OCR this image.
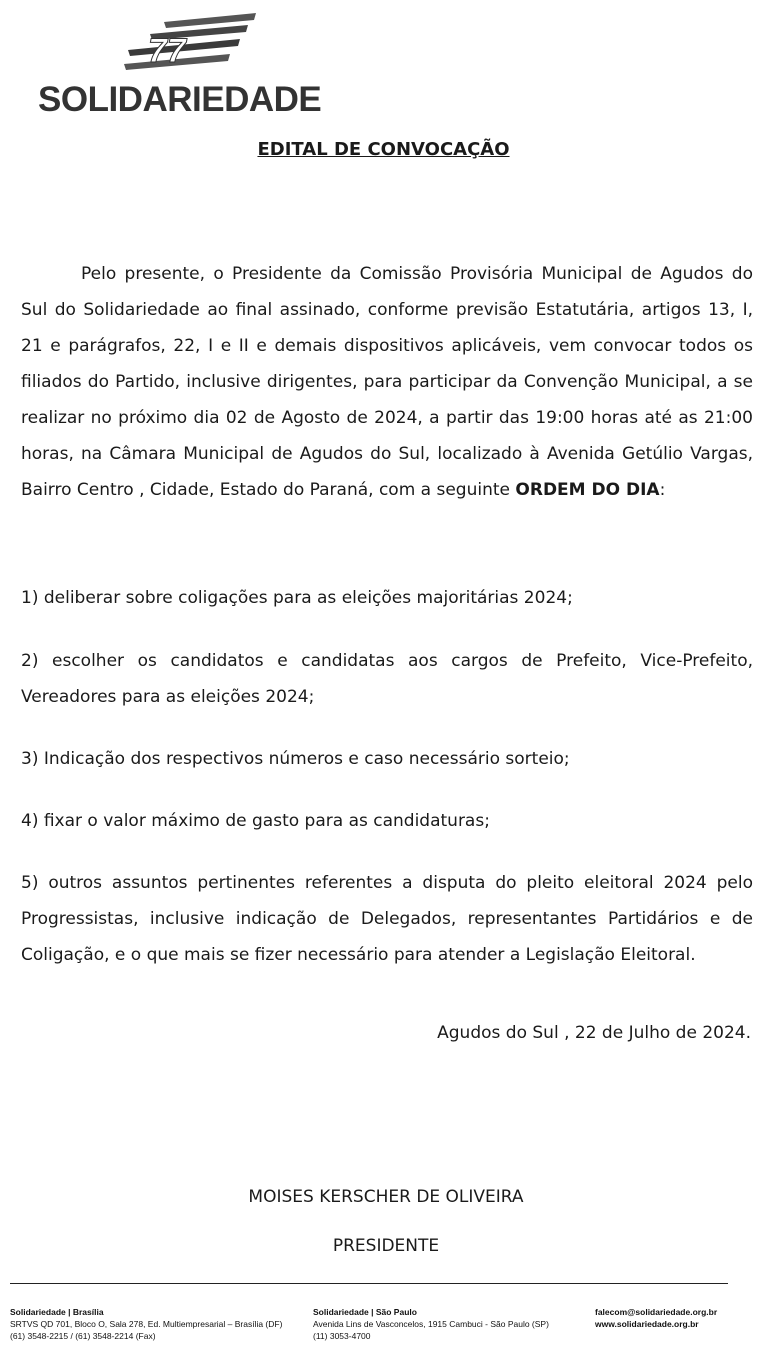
77
SOLIDARIEDADE
EDITAL DE CONVOCAÇÃO

Pelo presente, o Presidente da Comissão Provisória Municipal de Agudos do Sul do Solidariedade ao final assinado, conforme previsão Estatutária, artigos 13, I, 21 e parágrafos, 22, I e II e demais dispositivos aplicáveis, vem convocar todos os filiados do Partido, inclusive dirigentes, para participar da Convenção Municipal, a se realizar no próximo dia 02 de Agosto de 2024, a partir das 19:00 horas até as 21:00 horas, na Câmara Municipal de Agudos do Sul, localizado à Avenida Getúlio Vargas, Bairro Centro , Cidade, Estado do Paraná, com a seguinte ORDEM DO DIA:

1) deliberar sobre coligações para as eleições majoritárias 2024;

2) escolher os candidatos e candidatas aos cargos de Prefeito, Vice-Prefeito, Vereadores para as eleições 2024;

3) Indicação dos respectivos números e caso necessário sorteio;

4) fixar o valor máximo de gasto para as candidaturas;

5) outros assuntos pertinentes referentes a disputa do pleito eleitoral 2024 pelo Progressistas, inclusive indicação de Delegados, representantes Partidários e de Coligação, e o que mais se fizer necessário para atender a Legislação Eleitoral.

Agudos do Sul , 22 de Julho de 2024.
MOISES KERSCHER DE OLIVEIRA
PRESIDENTE
Solidariedade | Brasília
SRTVS QD 701, Bloco O, Sala 278, Ed. Multiempresarial – Brasília (DF)
(61) 3548-2215 / (61) 3548-2214 (Fax)
Solidariedade | São Paulo
Avenida Lins de Vasconcelos, 1915 Cambuci - São Paulo (SP)
(11) 3053-4700
falecom@solidariedade.org.br
www.solidariedade.org.br
